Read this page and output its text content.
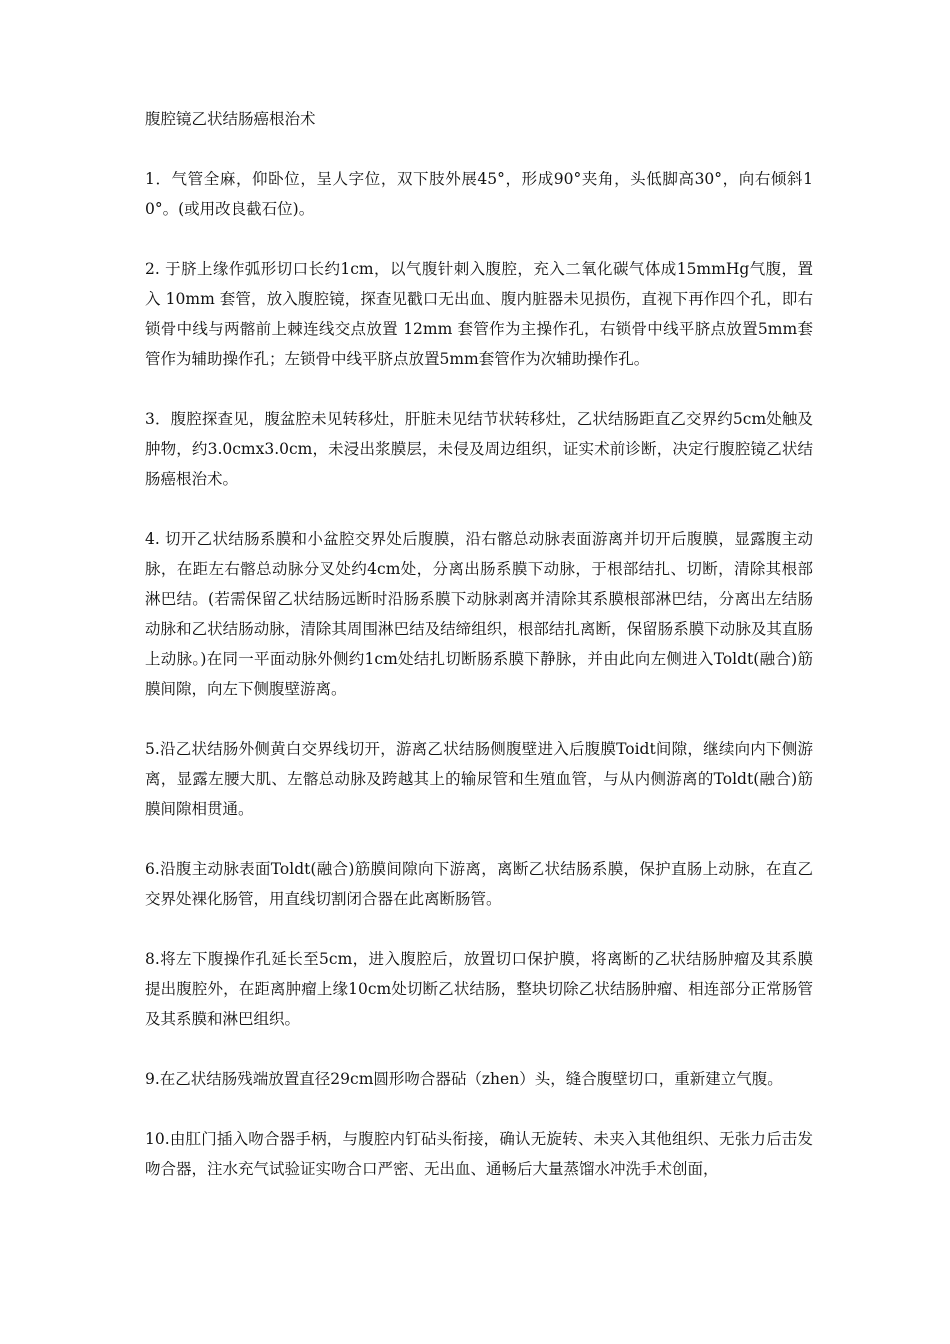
腹腔镜乙状结肠癌根治术

1．气管全麻，仰卧位，呈人字位，双下肢外展45°，形成90°夹角，头低脚高30°，向右倾斜10°。(或用改良截石位)。

2. 于脐上缘作弧形切口长约1cm，以气腹针刺入腹腔，充入二氧化碳气体成15mmHg气腹，置入 10mm 套管，放入腹腔镜，探查见戳口无出血、腹内脏器未见损伤，直视下再作四个孔，即右锁骨中线与两髂前上棘连线交点放置 12mm 套管作为主操作孔，右锁骨中线平脐点放置5mm套管作为辅助操作孔；左锁骨中线平脐点放置5mm套管作为次辅助操作孔。

3．腹腔探查见，腹盆腔未见转移灶，肝脏未见结节状转移灶，乙状结肠距直乙交界约5cm处触及肿物，约3.0cmx3.0cm，未浸出浆膜层，未侵及周边组织，证实术前诊断，决定行腹腔镜乙状结肠癌根治术。

4. 切开乙状结肠系膜和小盆腔交界处后腹膜，沿右髂总动脉表面游离并切开后腹膜，显露腹主动脉，在距左右髂总动脉分叉处约4cm处，分离出肠系膜下动脉，于根部结扎、切断，清除其根部淋巴结。(若需保留乙状结肠远断时沿肠系膜下动脉剥离并清除其系膜根部淋巴结，分离出左结肠动脉和乙状结肠动脉，清除其周围淋巴结及结缔组织，根部结扎离断，保留肠系膜下动脉及其直肠上动脉。)在同一平面动脉外侧约1cm处结扎切断肠系膜下静脉，并由此向左侧进入Toldt(融合)筋膜间隙，向左下侧腹壁游离。

5.沿乙状结肠外侧黄白交界线切开，游离乙状结肠侧腹壁进入后腹膜Toidt间隙，继续向内下侧游离，显露左腰大肌、左髂总动脉及跨越其上的输尿管和生殖血管，与从内侧游离的Toldt(融合)筋膜间隙相贯通。

6.沿腹主动脉表面Toldt(融合)筋膜间隙向下游离，离断乙状结肠系膜，保护直肠上动脉，在直乙交界处裸化肠管，用直线切割闭合器在此离断肠管。

8.将左下腹操作孔延长至5cm，进入腹腔后，放置切口保护膜，将离断的乙状结肠肿瘤及其系膜提出腹腔外，在距离肿瘤上缘10cm处切断乙状结肠，整块切除乙状结肠肿瘤、相连部分正常肠管及其系膜和淋巴组织。

9.在乙状结肠残端放置直径29cm圆形吻合器砧（zhen）头，缝合腹壁切口，重新建立气腹。

10.由肛门插入吻合器手柄，与腹腔内钉砧头衔接，确认无旋转、未夹入其他组织、无张力后击发吻合器，注水充气试验证实吻合口严密、无出血、通畅后大量蒸馏水冲洗手术创面，
